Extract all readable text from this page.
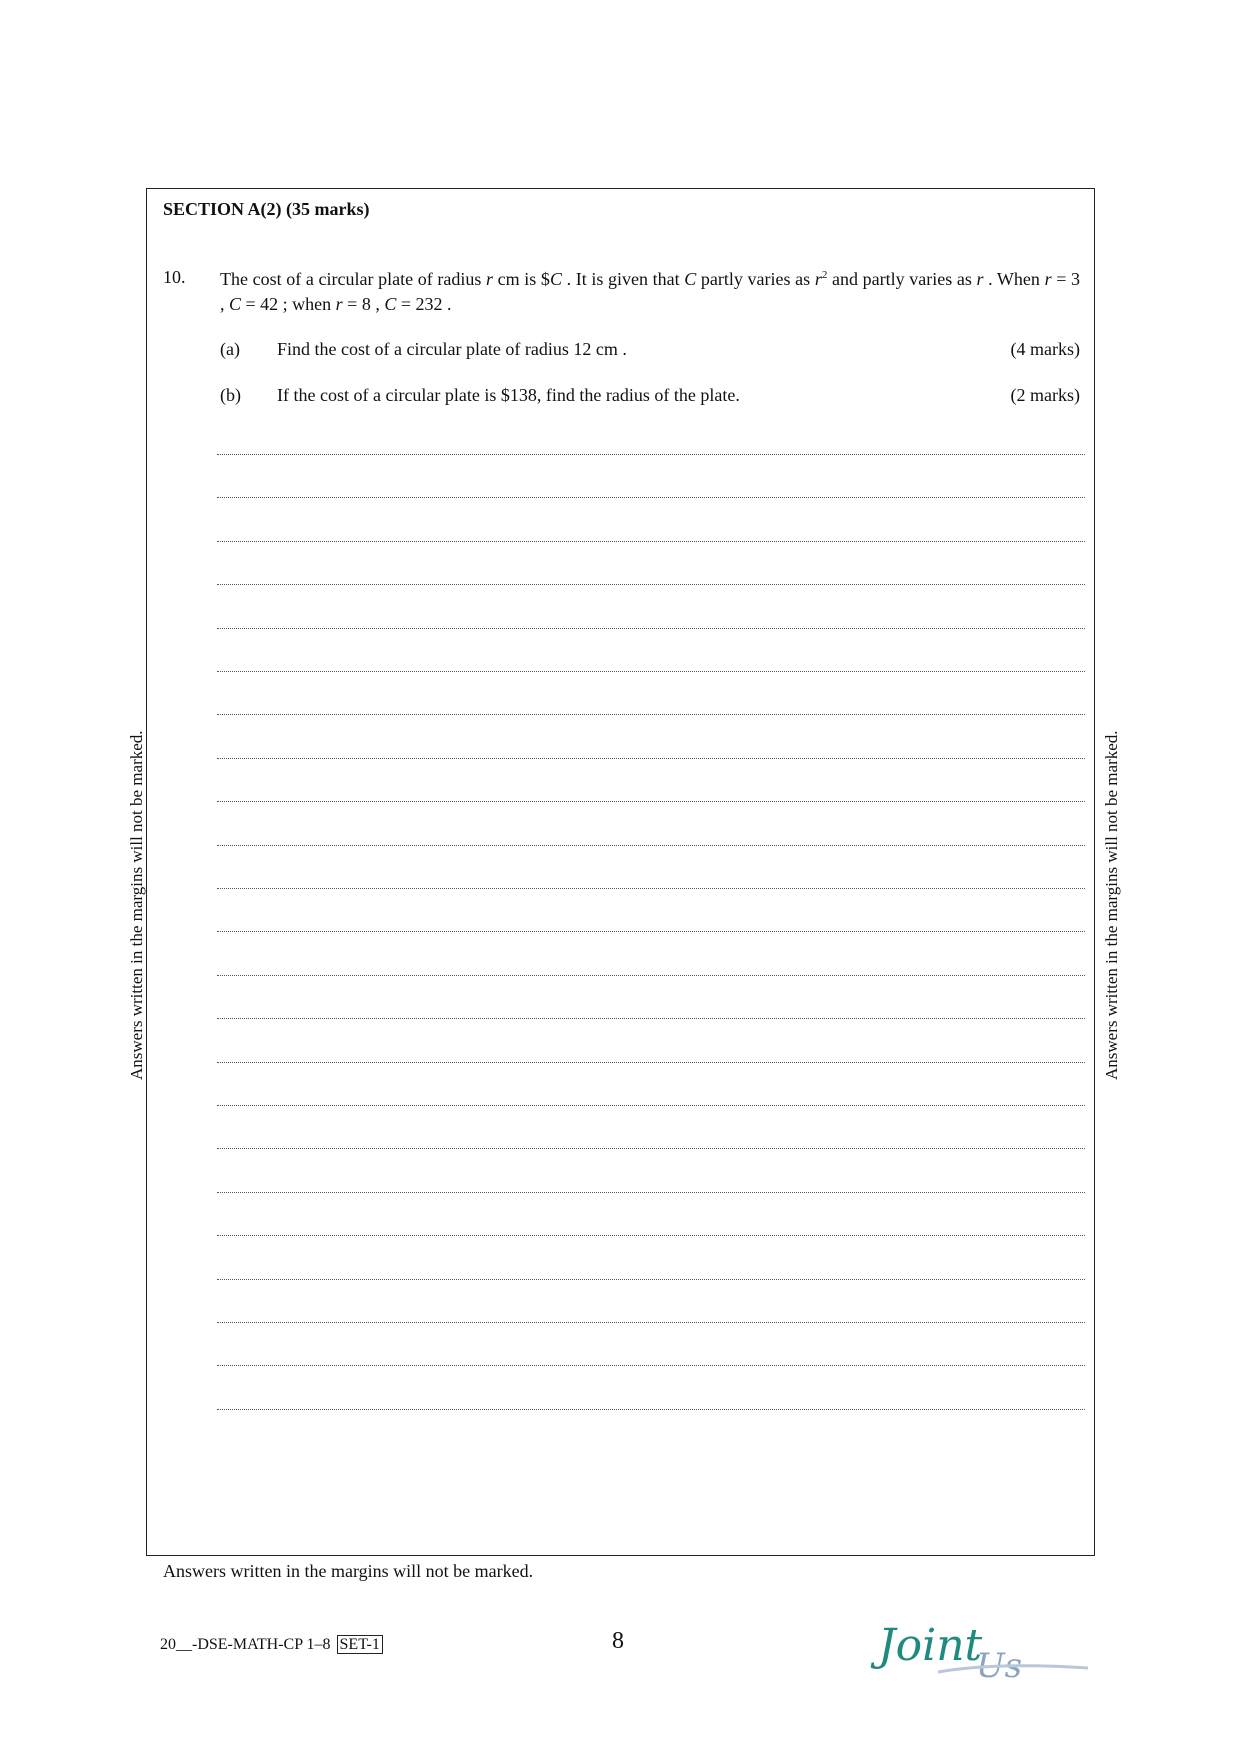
SECTION A(2) (35 marks)
10. The cost of a circular plate of radius r cm is $C . It is given that C partly varies as $r^2$ and partly varies as r . When r = 3 , C = 42 ; when r = 8 , C = 232 .
(a) Find the cost of a circular plate of radius 12 cm .	(4 marks)
(b) If the cost of a circular plate is $138, find the radius of the plate.	(2 marks)
Answers written in the margins will not be marked.	Answers written in the margins will not be marked.
Answers written in the margins will not be marked.
20__-DSE-MATH-CP 1–8 SET-1	8	Joint
Us
